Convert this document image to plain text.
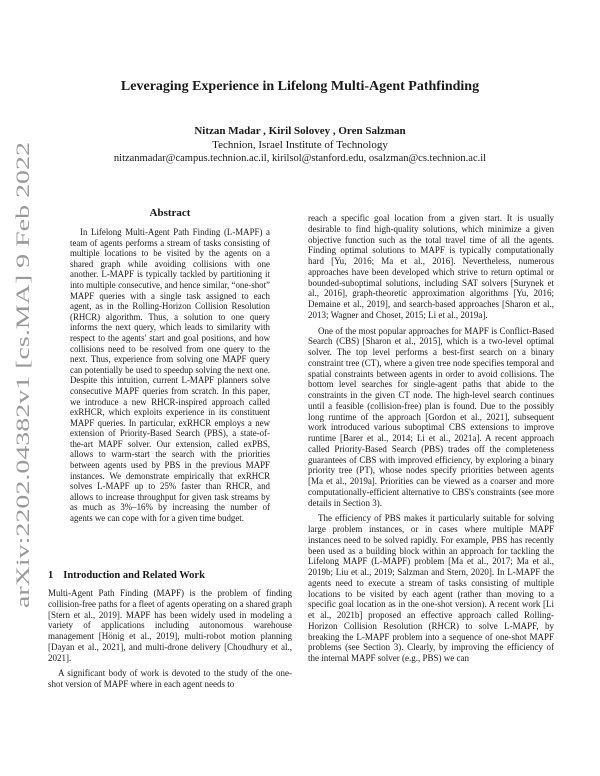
arXiv:2202.04382v1 [cs.MA] 9 Feb 2022
Leveraging Experience in Lifelong Multi-Agent Pathfinding
Nitzan Madar , Kiril Solovey , Oren Salzman
Technion, Israel Institute of Technology
nitzanmadar@campus.technion.ac.il, kirilsol@stanford.edu, osalzman@cs.technion.ac.il
Abstract

In Lifelong Multi-Agent Path Finding (L-MAPF) a team of agents performs a stream of tasks consisting of multiple locations to be visited by the agents on a shared graph while avoiding collisions with one another. L-MAPF is typically tackled by partitioning it into multiple consecutive, and hence similar, “one-shot” MAPF queries with a single task assigned to each agent, as in the Rolling-Horizon Collision Resolution (RHCR) algorithm. Thus, a solution to one query informs the next query, which leads to similarity with respect to the agents' start and goal positions, and how collisions need to be resolved from one query to the next. Thus, experience from solving one MAPF query can potentially be used to speedup solving the next one. Despite this intuition, current L-MAPF planners solve consecutive MAPF queries from scratch. In this paper, we introduce a new RHCR-inspired approach called exRHCR, which exploits experience in its constituent MAPF queries. In particular, exRHCR employs a new extension of Priority-Based Search (PBS), a state-of-the-art MAPF solver. Our extension, called exPBS, allows to warm-start the search with the priorities between agents used by PBS in the previous MAPF instances. We demonstrate empirically that exRHCR solves L-MAPF up to 25% faster than RHCR, and allows to increase throughput for given task streams by as much as 3%–16% by increasing the number of agents we can cope with for a given time budget.

1 Introduction and Related Work

Multi-Agent Path Finding (MAPF) is the problem of finding collision-free paths for a fleet of agents operating on a shared graph [Stern et al., 2019]. MAPF has been widely used in modeling a variety of applications including autonomous warehouse management [Hönig et al., 2019], multi-robot motion planning [Dayan et al., 2021], and multi-drone delivery [Choudhury et al., 2021].

A significant body of work is devoted to the study of the one-shot version of MAPF where in each agent needs to

reach a specific goal location from a given start. It is usually desirable to find high-quality solutions, which minimize a given objective function such as the total travel time of all the agents. Finding optimal solutions to MAPF is typically computationally hard [Yu, 2016; Ma et al., 2016]. Nevertheless, numerous approaches have been developed which strive to return optimal or bounded-suboptimal solutions, including SAT solvers [Surynek et al., 2016], graph-theoretic approximation algorithms [Yu, 2016; Demaine et al., 2019], and search-based approaches [Sharon et al., 2013; Wagner and Choset, 2015; Li et al., 2019a].

One of the most popular approaches for MAPF is Conflict-Based Search (CBS) [Sharon et al., 2015], which is a two-level optimal solver. The top level performs a best-first search on a binary constraint tree (CT), where a given tree node specifies temporal and spatial constraints between agents in order to avoid collisions. The bottom level searches for single-agent paths that abide to the constraints in the given CT node. The high-level search continues until a feasible (collision-free) plan is found. Due to the possibly long runtime of the approach [Gordon et al., 2021], subsequent work introduced various suboptimal CBS extensions to improve runtime [Barer et al., 2014; Li et al., 2021a]. A recent approach called Priority-Based Search (PBS) trades off the completeness guarantees of CBS with improved efficiency, by exploring a binary priority tree (PT), whose nodes specify priorities between agents [Ma et al., 2019a]. Priorities can be viewed as a coarser and more computationally-efficient alternative to CBS's constraints (see more details in Section 3).

The efficiency of PBS makes it particularly suitable for solving large problem instances, or in cases where multiple MAPF instances need to be solved rapidly. For example, PBS has recently been used as a building block within an approach for tackling the Lifelong MAPF (L-MAPF) problem [Ma et al., 2017; Ma et al., 2019b; Liu et al., 2019; Salzman and Stern, 2020]. In L-MAPF the agents need to execute a stream of tasks consisting of multiple locations to be visited by each agent (rather than moving to a specific goal location as in the one-shot version). A recent work [Li et al., 2021b] proposed an effective approach called Rolling-Horizon Collision Resolution (RHCR) to solve L-MAPF, by breaking the L-MAPF problem into a sequence of one-shot MAPF problems (see Section 3). Clearly, by improving the efficiency of the internal MAPF solver (e.g., PBS) we can
